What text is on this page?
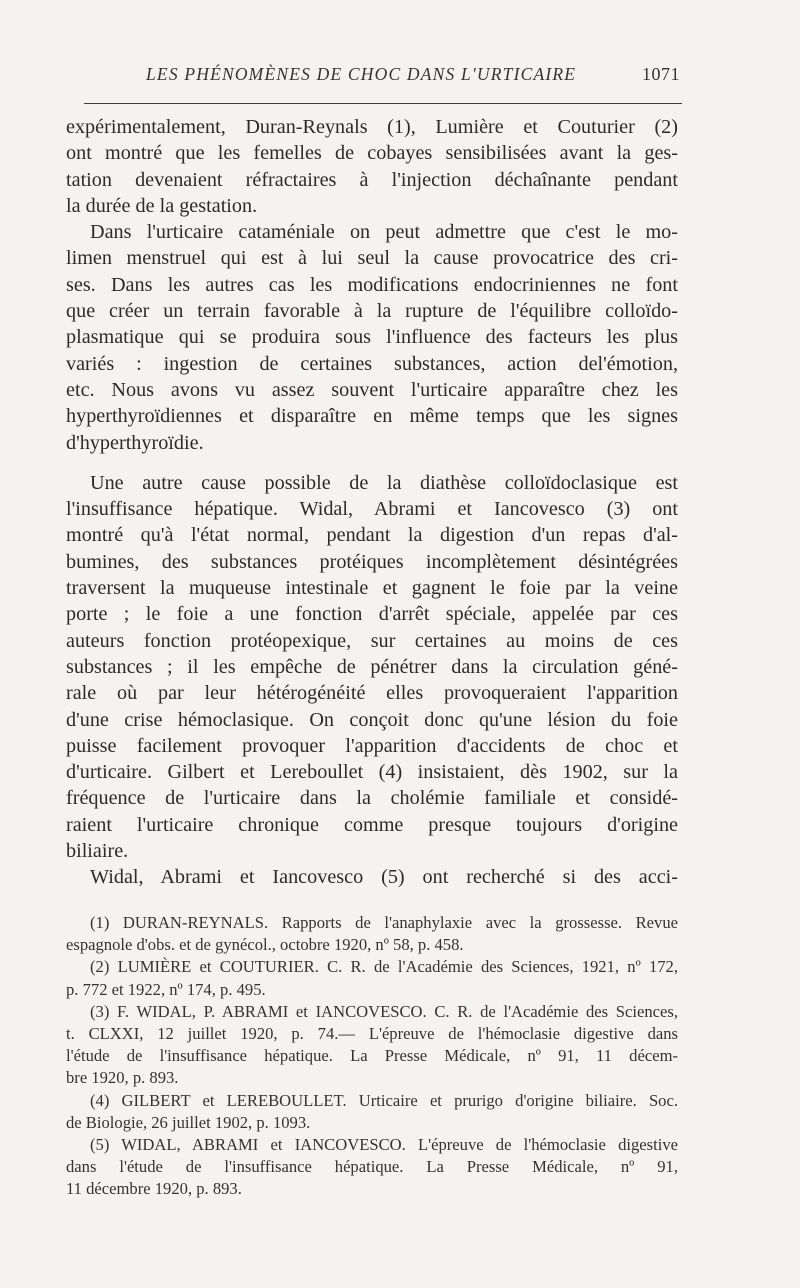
LES PHÉNOMÈNES DE CHOC DANS L'URTICAIRE	1071

expérimentalement, Duran-Reynals (1), Lumière et Couturier (2)
ont montré que les femelles de cobayes sensibilisées avant la ges-
tation devenaient réfractaires à l'injection déchaînante pendant
la durée de la gestation.

Dans l'urticaire cataméniale on peut admettre que c'est le mo-
limen menstruel qui est à lui seul la cause provocatrice des cri-
ses. Dans les autres cas les modifications endocriniennes ne font
que créer un terrain favorable à la rupture de l'équilibre colloïdo-
plasmatique qui se produira sous l'influence des facteurs les plus
variés : ingestion de certaines substances, action del'émotion,
etc. Nous avons vu assez souvent l'urticaire apparaître chez les
hyperthyroïdiennes et disparaître en même temps que les signes
d'hyperthyroïdie.

Une autre cause possible de la diathèse colloïdoclasique est
l'insuffisance hépatique. Widal, Abrami et Iancovesco (3) ont
montré qu'à l'état normal, pendant la digestion d'un repas d'al-
bumines, des substances protéiques incomplètement désintégrées
traversent la muqueuse intestinale et gagnent le foie par la veine
porte ; le foie a une fonction d'arrêt spéciale, appelée par ces
auteurs fonction protéopexique, sur certaines au moins de ces
substances ; il les empêche de pénétrer dans la circulation géné-
rale où par leur hétérogénéité elles provoqueraient l'apparition
d'une crise hémoclasique. On conçoit donc qu'une lésion du foie
puisse facilement provoquer l'apparition d'accidents de choc et
d'urticaire. Gilbert et Lereboullet (4) insistaient, dès 1902, sur la
fréquence de l'urticaire dans la cholémie familiale et considé-
raient l'urticaire chronique comme presque toujours d'origine
biliaire.

Widal, Abrami et Iancovesco (5) ont recherché si des acci-

(1) DURAN-REYNALS. Rapports de l'anaphylaxie avec la grossesse. Revue
espagnole d'obs. et de gynécol., octobre 1920, nº 58, p. 458.
(2) LUMIÈRE et COUTURIER. C. R. de l'Académie des Sciences, 1921, nº 172,
p. 772 et 1922, nº 174, p. 495.
(3) F. WIDAL, P. ABRAMI et IANCOVESCO. C. R. de l'Académie des Sciences,
t. CLXXI, 12 juillet 1920, p. 74.— L'épreuve de l'hémoclasie digestive dans
l'étude de l'insuffisance hépatique. La Presse Médicale, nº 91, 11 décem-
bre 1920, p. 893.
(4) GILBERT et LEREBOULLET. Urticaire et prurigo d'origine biliaire. Soc.
de Biologie, 26 juillet 1902, p. 1093.
(5) WIDAL, ABRAMI et IANCOVESCO. L'épreuve de l'hémoclasie digestive
dans l'étude de l'insuffisance hépatique. La Presse Médicale, nº 91,
11 décembre 1920, p. 893.
